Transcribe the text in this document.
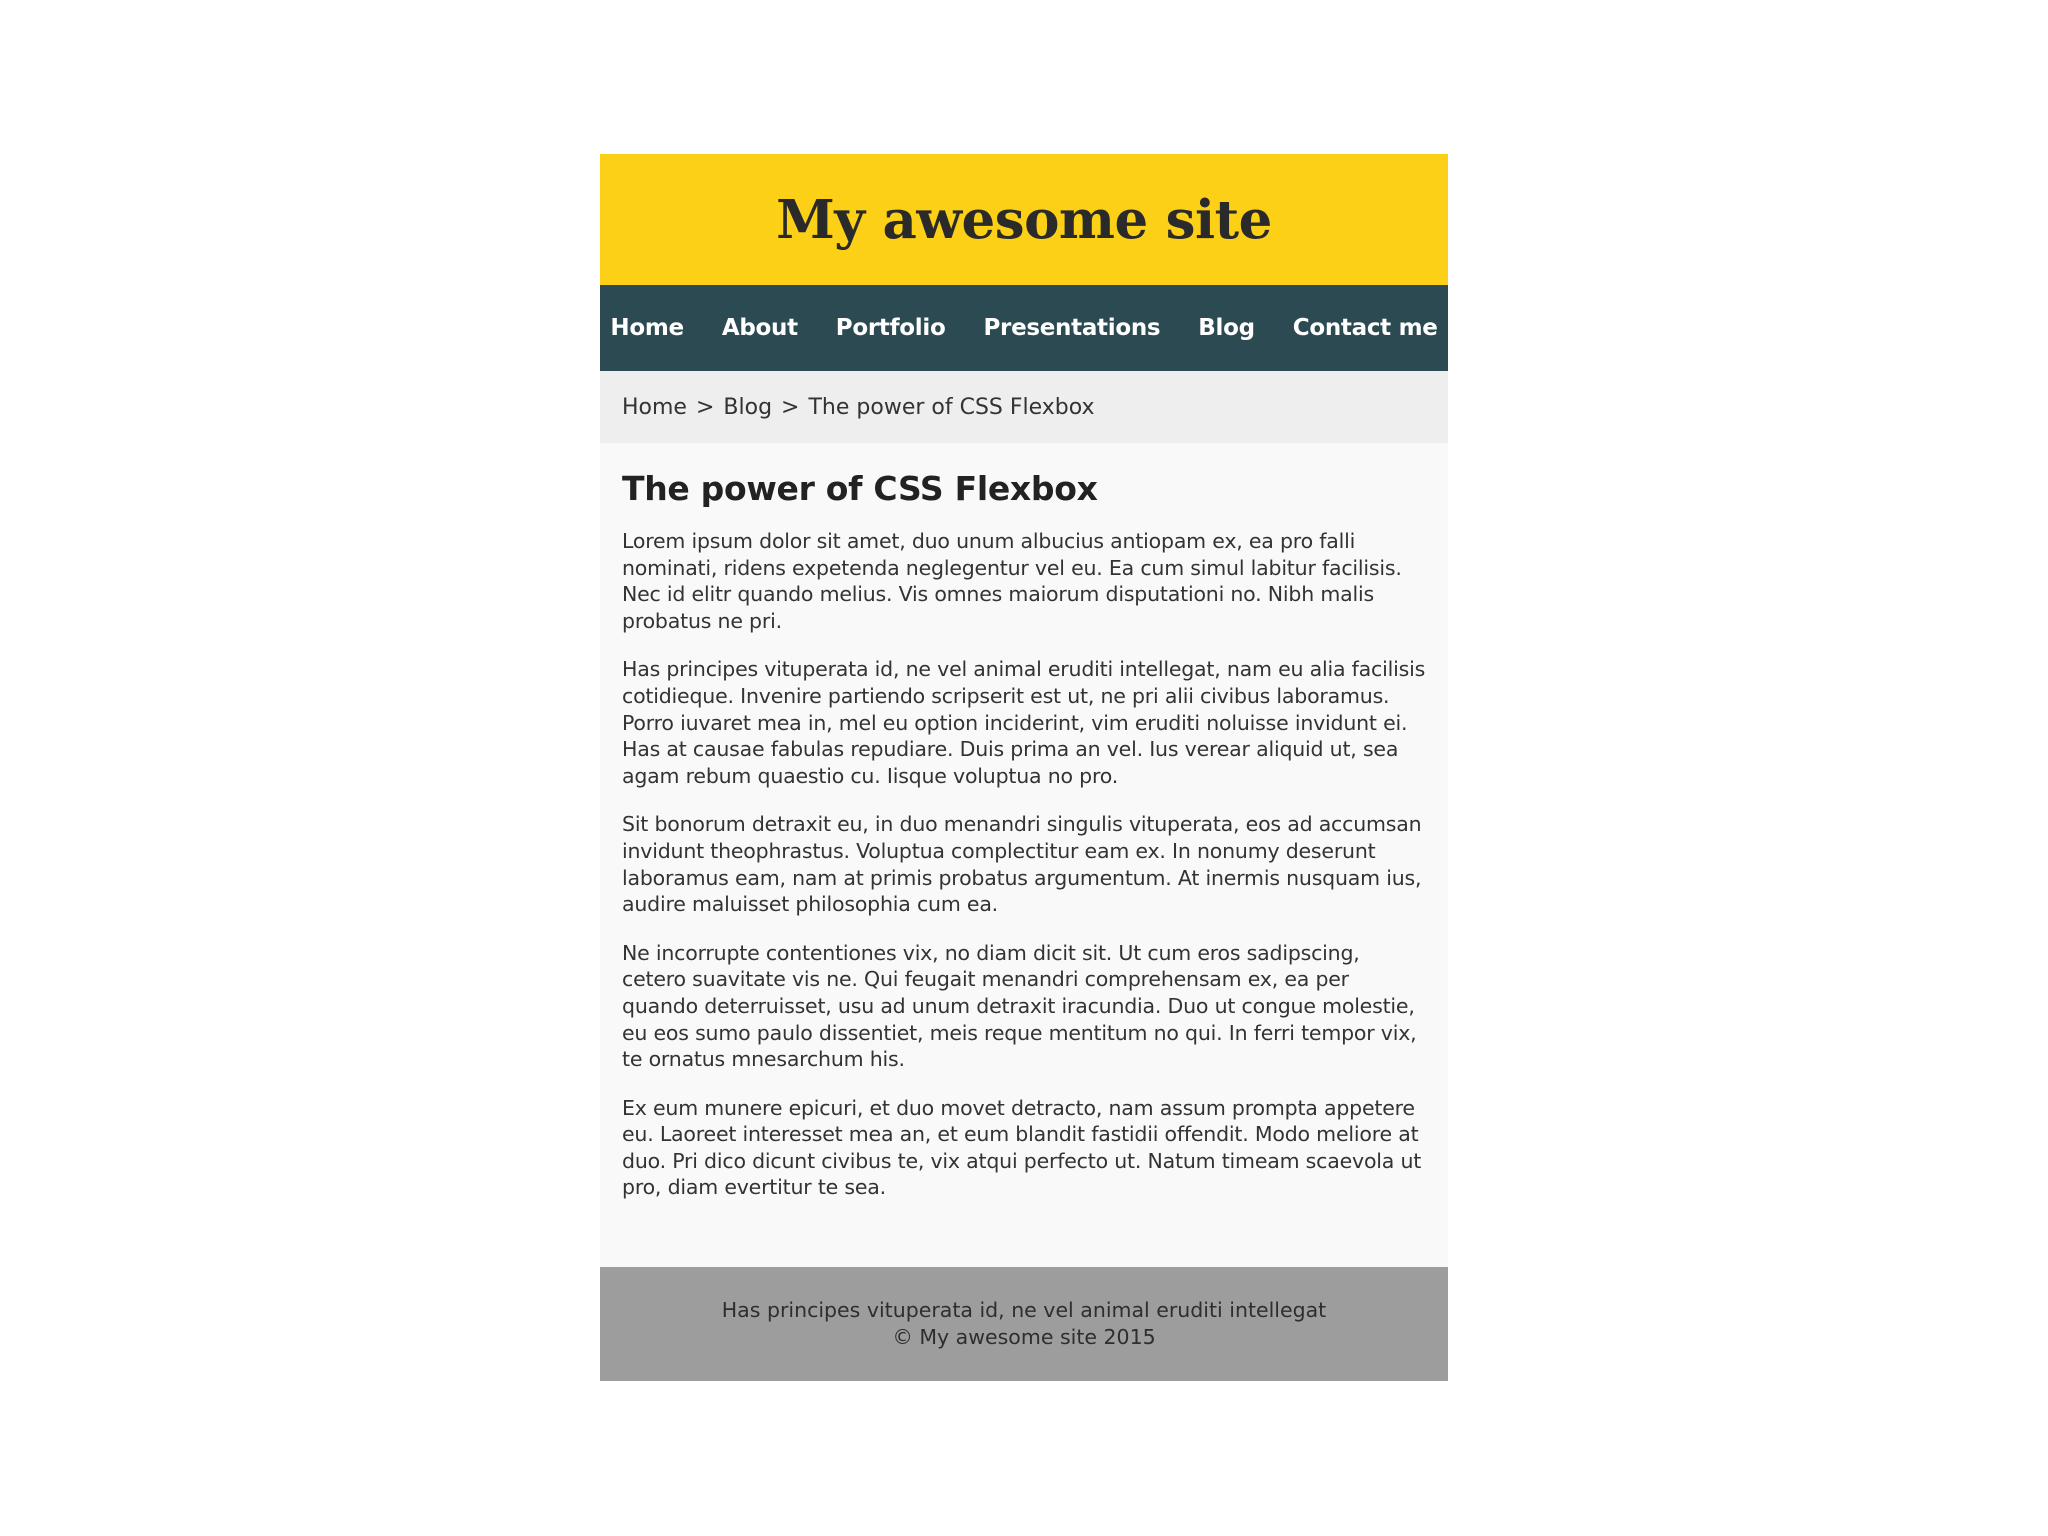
My awesome site
Home About Portfolio Presentations Blog Contact me
Home > Blog > The power of CSS Flexbox
The power of CSS Flexbox

Lorem ipsum dolor sit amet, duo unum albucius antiopam ex, ea pro falli nominati, ridens expetenda neglegentur vel eu. Ea cum simul labitur facilisis. Nec id elitr quando melius. Vis omnes maiorum disputationi no. Nibh malis probatus ne pri.

Has principes vituperata id, ne vel animal eruditi intellegat, nam eu alia facilisis cotidieque. Invenire partiendo scripserit est ut, ne pri alii civibus laboramus. Porro iuvaret mea in, mel eu option inciderint, vim eruditi noluisse invidunt ei. Has at causae fabulas repudiare. Duis prima an vel. Ius verear aliquid ut, sea agam rebum quaestio cu. Iisque voluptua no pro.

Sit bonorum detraxit eu, in duo menandri singulis vituperata, eos ad accumsan invidunt theophrastus. Voluptua complectitur eam ex. In nonumy deserunt laboramus eam, nam at primis probatus argumentum. At inermis nusquam ius, audire maluisset philosophia cum ea.

Ne incorrupte contentiones vix, no diam dicit sit. Ut cum eros sadipscing, cetero suavitate vis ne. Qui feugait menandri comprehensam ex, ea per quando deterruisset, usu ad unum detraxit iracundia. Duo ut congue molestie, eu eos sumo paulo dissentiet, meis reque mentitum no qui. In ferri tempor vix, te ornatus mnesarchum his.

Ex eum munere epicuri, et duo movet detracto, nam assum prompta appetere eu. Laoreet interesset mea an, et eum blandit fastidii offendit. Modo meliore at duo. Pri dico dicunt civibus te, vix atqui perfecto ut. Natum timeam scaevola ut pro, diam evertitur te sea.

Has principes vituperata id, ne vel animal eruditi intellegat
© My awesome site 2015
